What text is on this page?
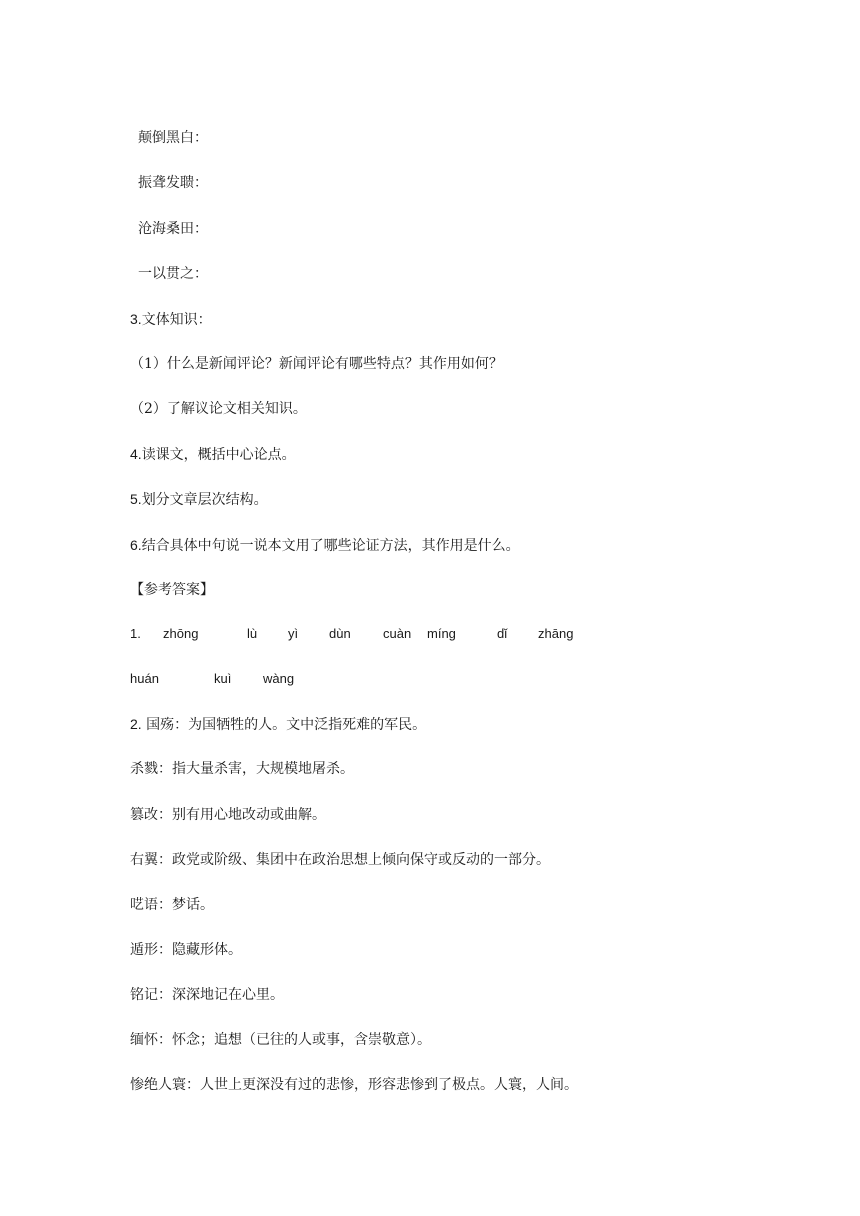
颠倒黑白：
振聋发聩：
沧海桑田：
一以贯之：
3.文体知识：
（1）什么是新闻评论？新闻评论有哪些特点？其作用如何？
（2）了解议论文相关知识。
4.读课文，概括中心论点。
5.划分文章层次结构。
6.结合具体中句说一说本文用了哪些论证方法，其作用是什么。
【参考答案】
1. zhōng	lù yì dùn cuàn míng	dǐ zhāng
huán	kuì wàng
2. 国殇：为国牺牲的人。文中泛指死难的军民。
杀戮：指大量杀害，大规模地屠杀。
篡改：别有用心地改动或曲解。
右翼：政党或阶级、集团中在政治思想上倾向保守或反动的一部分。
呓语：梦话。
遁形：隐藏形体。
铭记：深深地记在心里。
缅怀：怀念；追想（已往的人或事，含崇敬意）。
惨绝人寰：人世上更深没有过的悲惨，形容悲惨到了极点。人寰，人间。
